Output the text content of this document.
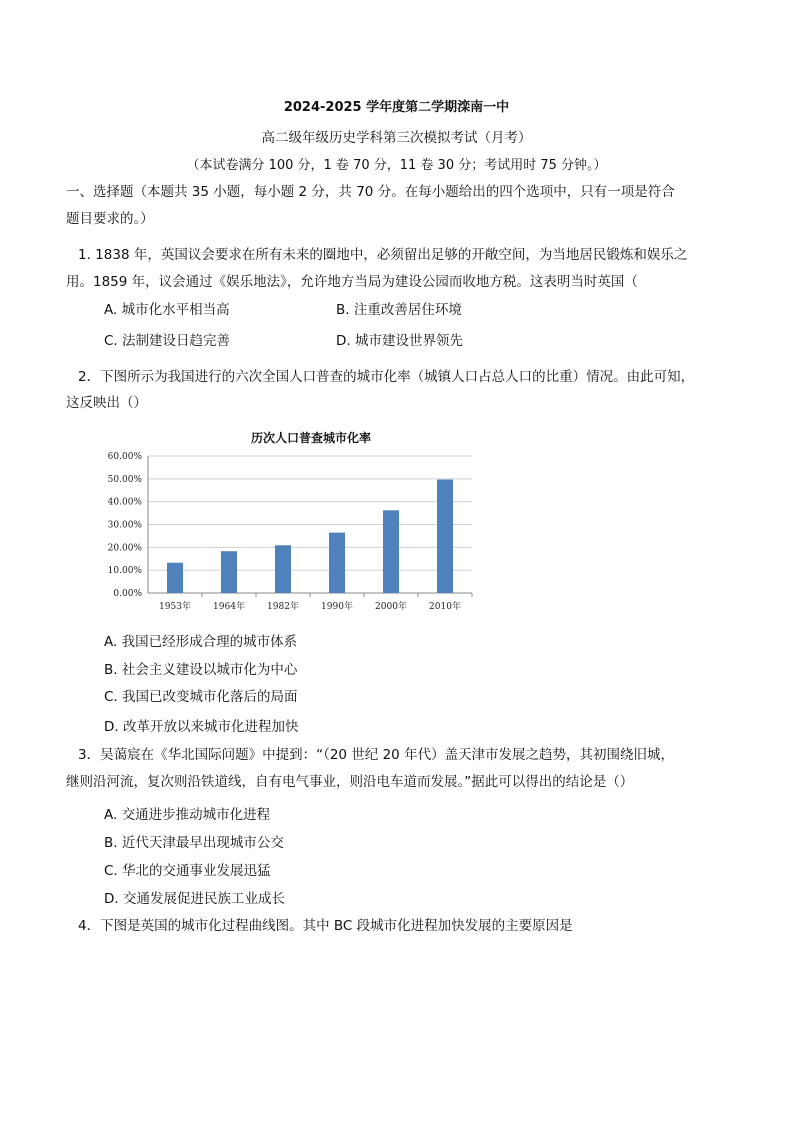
2024-2025 学年度第二学期滦南一中
高二级年级历史学科第三次模拟考试（月考）
（本试卷满分 100 分，1 卷 70 分，11 卷 30 分；考试用时 75 分钟。）
一、选择题（本题共 35 小题，每小题 2 分，共 70 分。在每小题给出的四个选项中，只有一项是符合
题目要求的。）
1. 1838 年，英国议会要求在所有未来的圈地中，必须留出足够的开敞空间，为当地居民锻炼和娱乐之
用。1859 年，议会通过《娱乐地法》，允许地方当局为建设公园而收地方税。这表明当时英国（
A. 城市化水平相当高	B. 注重改善居住环境
C. 法制建设日趋完善	D. 城市建设世界领先
2．下图所示为我国进行的六次全国人口普查的城市化率（城镇人口占总人口的比重）情况。由此可知，
这反映出（）
历次人口普查城市化率
0.00%
10.00%
20.00%
30.00%
40.00%
50.00%
60.00%
1953年 1964年 1982年 1990年 2000年 2010年
A. 我国已经形成合理的城市体系
B. 社会主义建设以城市化为中心
C. 我国已改变城市化落后的局面
D. 改革开放以来城市化进程加快
3．吴蔼宸在《华北国际问题》中提到：“（20 世纪 20 年代）盖天津市发展之趋势，其初围绕旧城，
继则沿河流，复次则沿铁道线，自有电气事业，则沿电车道而发展。”据此可以得出的结论是（）
A. 交通进步推动城市化进程
B. 近代天津最早出现城市公交
C. 华北的交通事业发展迅猛
D. 交通发展促进民族工业成长
4．下图是英国的城市化过程曲线图。其中 BC 段城市化进程加快发展的主要原因是
